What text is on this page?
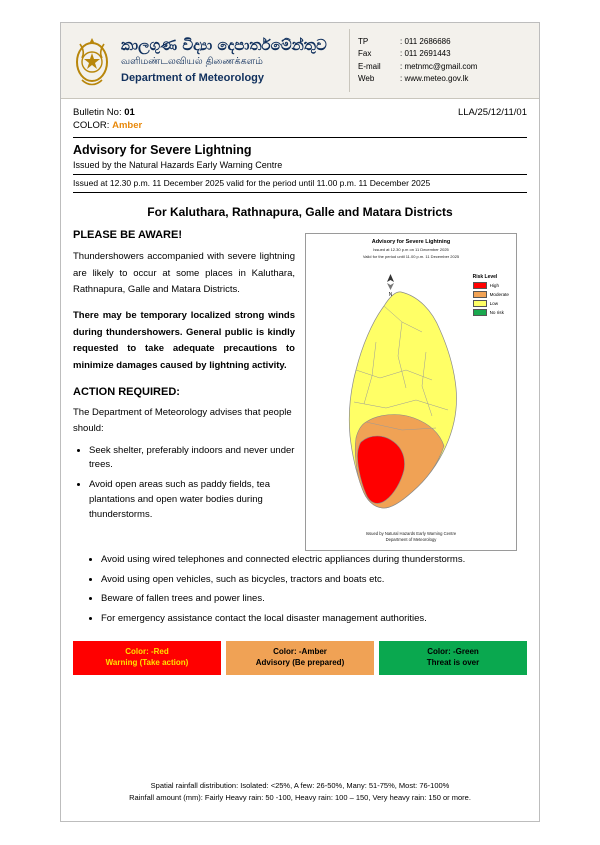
කාලගුණ විද්‍යා දෙපාර්තමේන්තුව
வளிமண்டலவியல் திணைக்களம்
Department of Meteorology
TP	: 011 2686686
Fax	: 011 2691443
E-mail	: metnmc@gmail.com
Web	: www.meteo.gov.lk
Bulletin No: 01	LLA/25/12/11/01
COLOR: Amber
Advisory for Severe Lightning
Issued by the Natural Hazards Early Warning Centre
Issued at 12.30 p.m. 11 December 2025 valid for the period until 11.00 p.m. 11 December 2025
For Kaluthara, Rathnapura, Galle and Matara Districts
PLEASE BE AWARE!
Thundershowers accompanied with severe lightning are likely to occur at some places in Kaluthara, Rathnapura, Galle and Matara Districts.
There may be temporary localized strong winds during thundershowers. General public is kindly requested to take adequate precautions to minimize damages caused by lightning activity.
ACTION REQUIRED:
The Department of Meteorology advises that people should:
• Seek shelter, preferably indoors and never under trees.
• Avoid open areas such as paddy fields, tea plantations and open water bodies during thunderstorms.
Advisory for Severe Lightning
Issued at 12.30 p.m on 11 December 2025
Valid for the period until 11.00 p.m. 11 December 2025
N
Risk Level
High
Moderate
Low
No risk
Issued by Natural Hazards Early Warning Centre
Department of Meteorology
• Avoid using wired telephones and connected electric appliances during thunderstorms.
• Avoid using open vehicles, such as bicycles, tractors and boats etc.
• Beware of fallen trees and power lines.
• For emergency assistance contact the local disaster management authorities.
Color: -Red
Warning (Take action)
Color: -Amber
Advisory (Be prepared)
Color: -Green
Threat is over
Spatial rainfall distribution: Isolated: <25%, A few: 26-50%, Many: 51-75%, Most: 76-100%
Rainfall amount (mm): Fairly Heavy rain: 50 -100, Heavy rain: 100 – 150, Very heavy rain: 150 or more.
